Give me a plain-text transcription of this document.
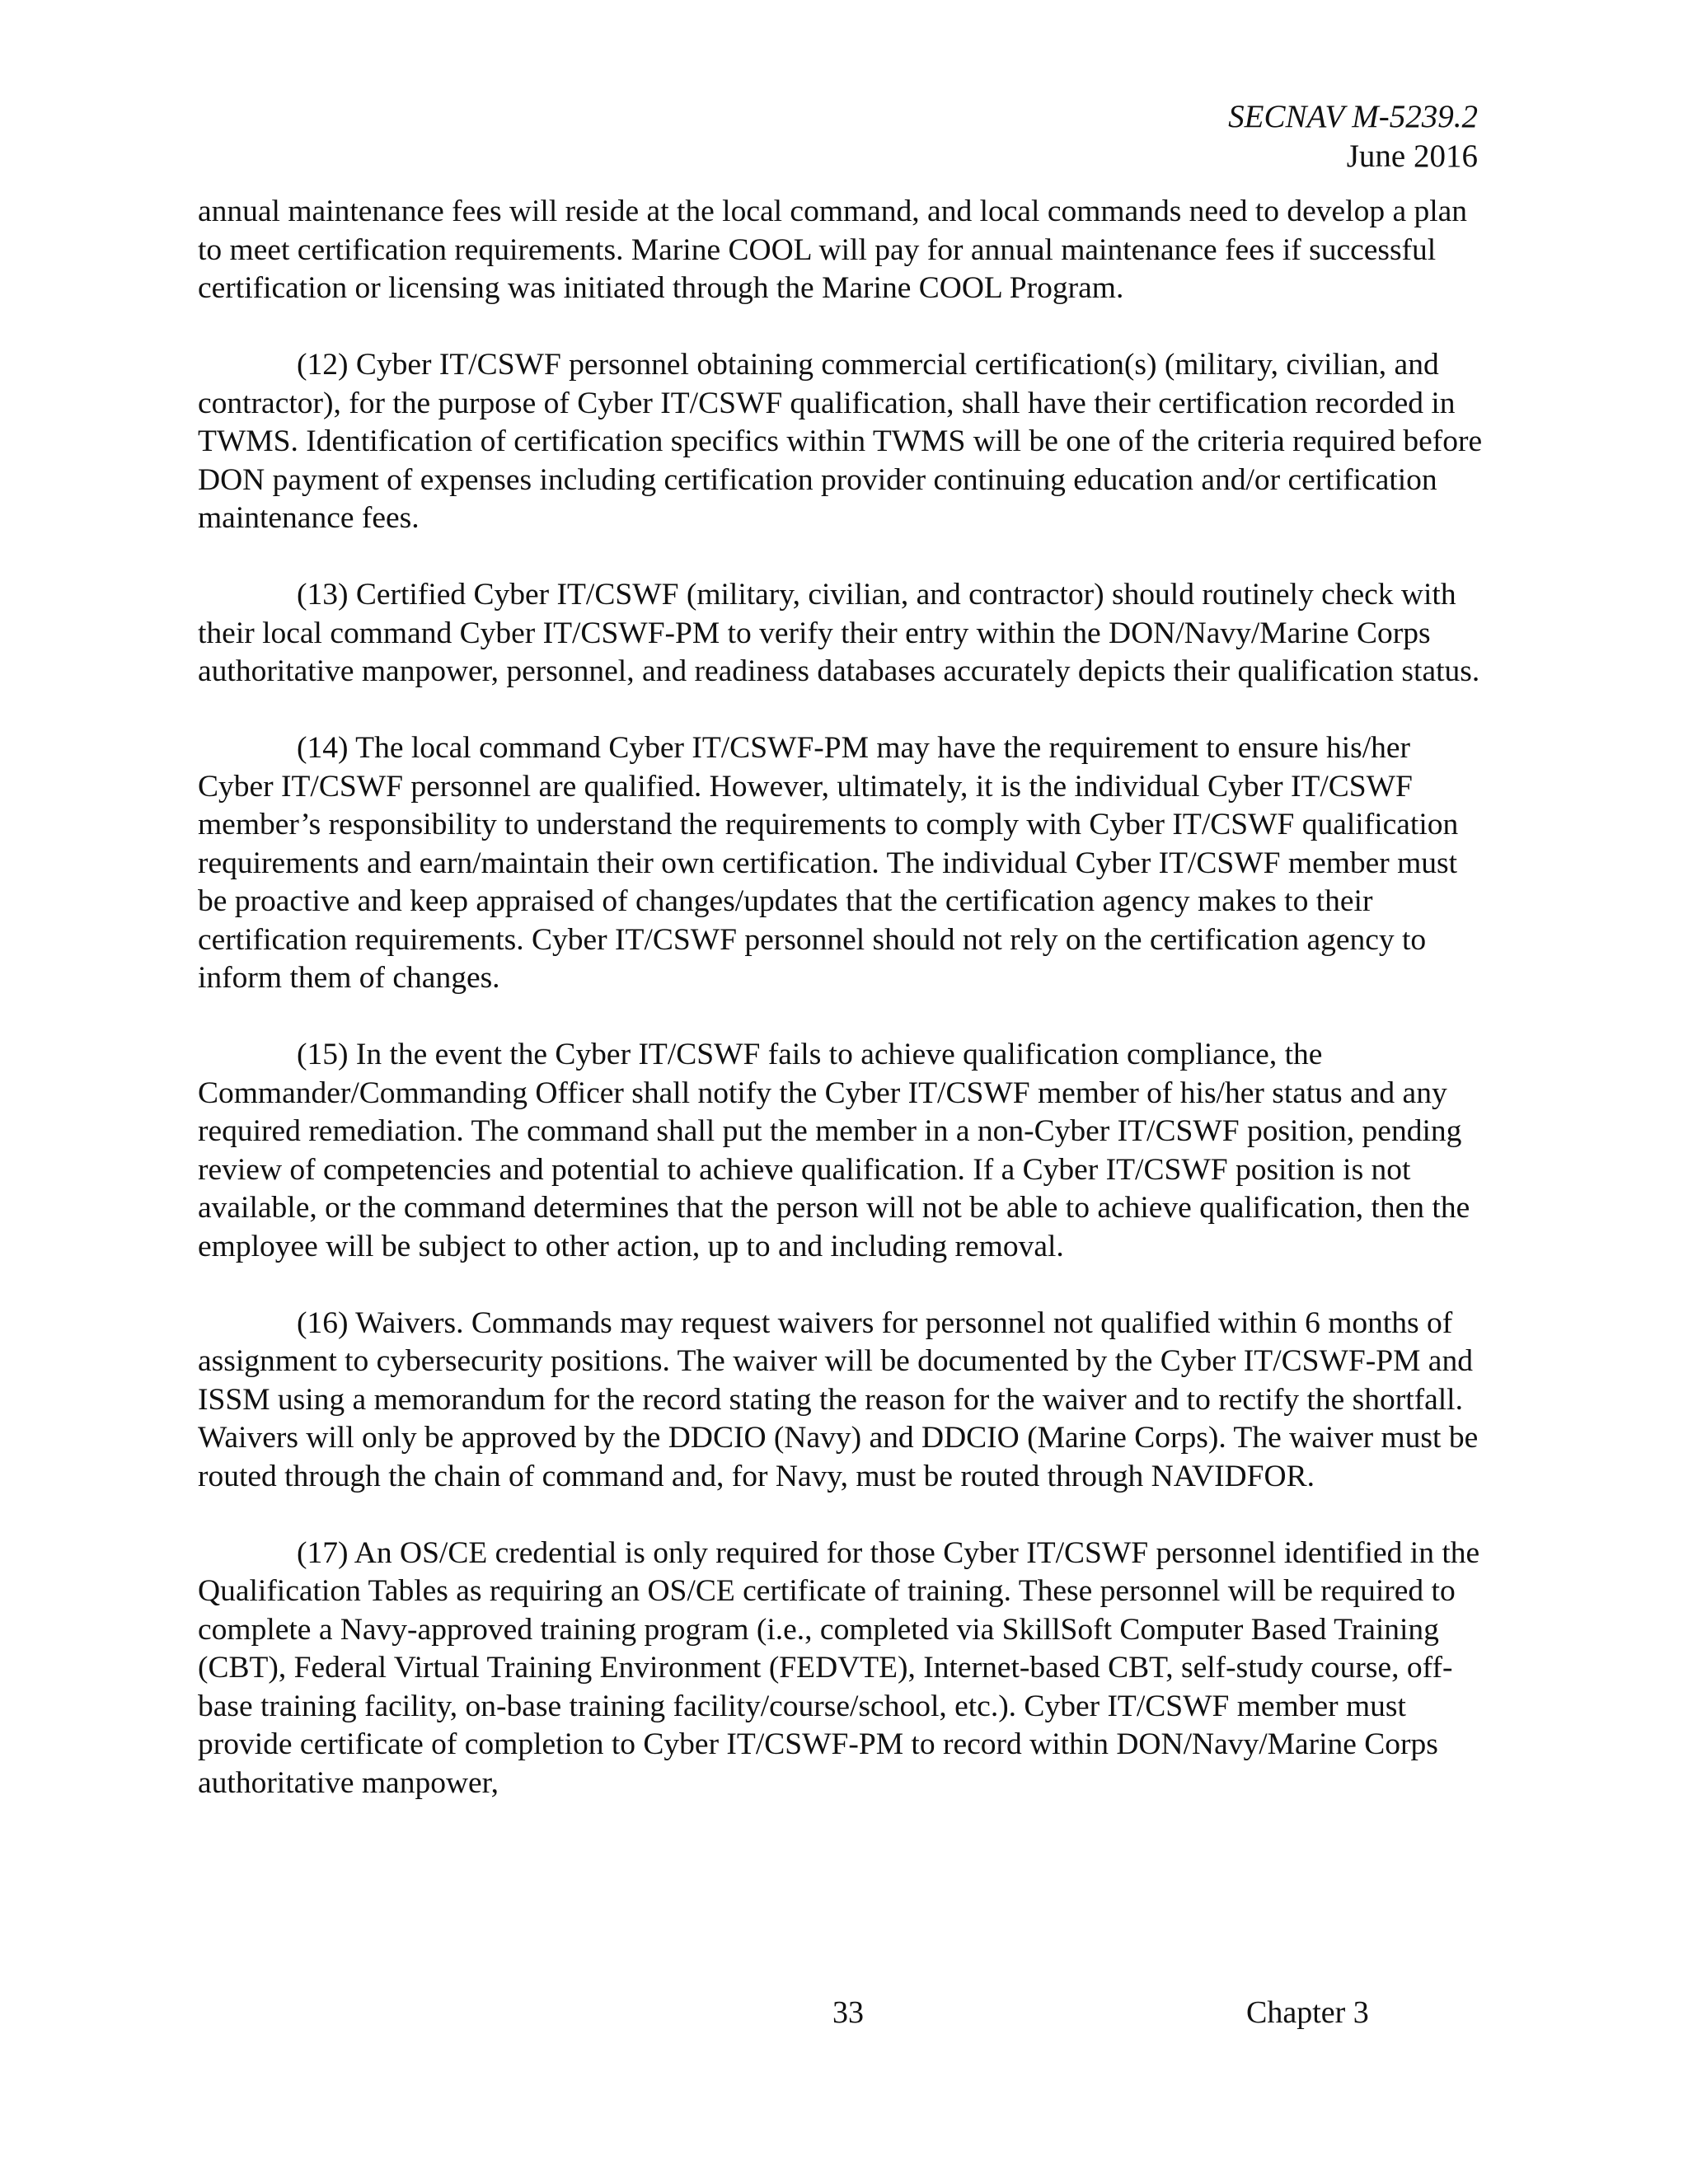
SECNAV M-5239.2
June 2016

annual maintenance fees will reside at the local command, and local commands need to develop a plan to meet certification requirements. Marine COOL will pay for annual maintenance fees if successful certification or licensing was initiated through the Marine COOL Program.

(12) Cyber IT/CSWF personnel obtaining commercial certification(s) (military, civilian, and contractor), for the purpose of Cyber IT/CSWF qualification, shall have their certification recorded in TWMS. Identification of certification specifics within TWMS will be one of the criteria required before DON payment of expenses including certification provider continuing education and/or certification maintenance fees.

(13) Certified Cyber IT/CSWF (military, civilian, and contractor) should routinely check with their local command Cyber IT/CSWF-PM to verify their entry within the DON/Navy/Marine Corps authoritative manpower, personnel, and readiness databases accurately depicts their qualification status.

(14) The local command Cyber IT/CSWF-PM may have the requirement to ensure his/her Cyber IT/CSWF personnel are qualified. However, ultimately, it is the individual Cyber IT/CSWF member’s responsibility to understand the requirements to comply with Cyber IT/CSWF qualification requirements and earn/maintain their own certification. The individual Cyber IT/CSWF member must be proactive and keep appraised of changes/updates that the certification agency makes to their certification requirements. Cyber IT/CSWF personnel should not rely on the certification agency to inform them of changes.

(15) In the event the Cyber IT/CSWF fails to achieve qualification compliance, the Commander/Commanding Officer shall notify the Cyber IT/CSWF member of his/her status and any required remediation. The command shall put the member in a non-Cyber IT/CSWF position, pending review of competencies and potential to achieve qualification. If a Cyber IT/CSWF position is not available, or the command determines that the person will not be able to achieve qualification, then the employee will be subject to other action, up to and including removal.

(16) Waivers. Commands may request waivers for personnel not qualified within 6 months of assignment to cybersecurity positions. The waiver will be documented by the Cyber IT/CSWF-PM and ISSM using a memorandum for the record stating the reason for the waiver and to rectify the shortfall. Waivers will only be approved by the DDCIO (Navy) and DDCIO (Marine Corps). The waiver must be routed through the chain of command and, for Navy, must be routed through NAVIDFOR.

(17) An OS/CE credential is only required for those Cyber IT/CSWF personnel identified in the Qualification Tables as requiring an OS/CE certificate of training. These personnel will be required to complete a Navy-approved training program (i.e., completed via SkillSoft Computer Based Training (CBT), Federal Virtual Training Environment (FEDVTE), Internet-based CBT, self-study course, off-base training facility, on-base training facility/course/school, etc.). Cyber IT/CSWF member must provide certificate of completion to Cyber IT/CSWF-PM to record within DON/Navy/Marine Corps authoritative manpower,

33	Chapter 3
